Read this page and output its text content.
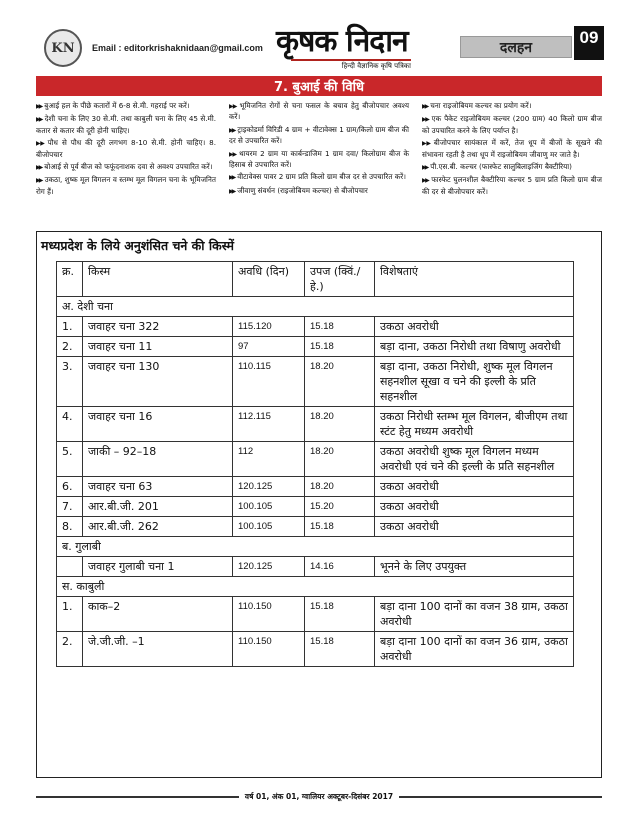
KN	Email : editorkrishaknidaan@gmail.com कृषक निदान
हिन्दी वैज्ञानिक कृषि पत्रिका
दलहन
09
7. बुआई की विधि

▶▶ बुआई हल के पीछे कतारों में 6-8 से.मी. गहराई पर करें।

▶▶ देशी चना के लिए 30 से.मी. तथा काबुली चना के लिए 45 से.मी. कतार से कतार की दूरी होनी चाहिए।

▶▶ पौध से पौध की दूरी लगभग 8-10 से.मी. होनी चाहिए। 8. बीजोपचार

▶▶ बोआई से पूर्व बीज को फफूंदनाशक दवा से अवश्य उपचारित करें।

▶▶ उकठा, शुष्क मूल विगलन व स्तम्भ मूल विगलन चना के भूमिजनित रोग हैं।

▶▶ भूमिजनित रोगों से चना फसल के बचाव हेतु बीजोपचार अवश्य करें।

▶▶ ट्राइकोडर्मा विरिडी 4 ग्राम + वीटावेक्स 1 ग्राम/किलो ग्राम बीज की दर से उपचारित करें।

▶▶ थायरम 2 ग्राम या कार्बन्डाजिम 1 ग्राम दवा/ किलोग्राम बीज के हिसाब से उपचारित करें।

▶▶ वीटावेक्स पावर 2 ग्राम प्रति किलो ग्राम बीज दर से उपचारित करें।

▶▶ जीवाणु संवर्धन (राइजोबियम कल्चर) से बीजोपचार

▶▶ चना राइजोबियम कल्चर का प्रयोग करें।

▶▶ एक पैकेट राइजोबियम कल्चर (200 ग्राम) 40 किलो ग्राम बीज को उपचारित करने के लिए पर्याप्त है।

▶▶ बीजोपचार सायंकाल में करें, तेज धूप में बीजों के सूखने की संभावना रहती है तथा धूप में राइजोबियम जीवाणु मर जाते है।

▶▶ पी.एस.बी. कल्चर (फास्फेट सालुबिलाइजिंग बैक्टीरिया)

▶▶ फास्फेट घुलनशील बैक्टीरिया कल्चर 5 ग्राम प्रति किलो ग्राम बीज की दर से बीजोपचार करें।

मध्यप्रदेश के लिये अनुशंसित चने की किस्में
क्र.	किस्म	अवधि (दिन)	उपज (क्विं./हे.)	विशेषताएं
अ. देशी चना				
1.	जवाहर चना 322	115.120	15.18	उकठा अवरोधी
2.	जवाहर चना 11	97	15.18	बड़ा दाना, उकठा निरोधी तथा विषाणु अवरोधी
3.	जवाहर चना 130	110.115	18.20	बड़ा दाना, उकठा निरोधी, शुष्क मूल विगलन सहनशील सूखा व चने की इल्ली के प्रति सहनशील
4.	जवाहर चना 16	112.115	18.20	उकठा निरोधी स्तम्भ मूल विगलन, बीजीएम तथा स्टंट हेतु मध्यम अवरोधी
5.	जाकी – 92–18	112	18.20	उकठा अवरोधी शुष्क मूल विगलन मध्यम अवरोधी एवं चने की इल्ली के प्रति सहनशील
6.	जवाहर चना 63	120.125	18.20	उकठा अवरोधी
7.	आर.बी.जी. 201	100.105	15.20	उकठा अवरोधी
8.	आर.बी.जी. 262	100.105	15.18	उकठा अवरोधी
ब. गुलाबी				
	जवाहर गुलाबी चना 1	120.125	14.16	भूनने के लिए उपयुक्त
स. काबुली				
1.	काक–2	110.150	15.18	बड़ा दाना 100 दानों का वजन 38 ग्राम, उकठा अवरोधी
2.	जे.जी.जी. –1	110.150	15.18	बड़ा दाना 100 दानों का वजन 36 ग्राम, उकठा अवरोधी
वर्ष 01, अंक 01, ग्वालियर अक्टूबर-दिसंबर 2017
